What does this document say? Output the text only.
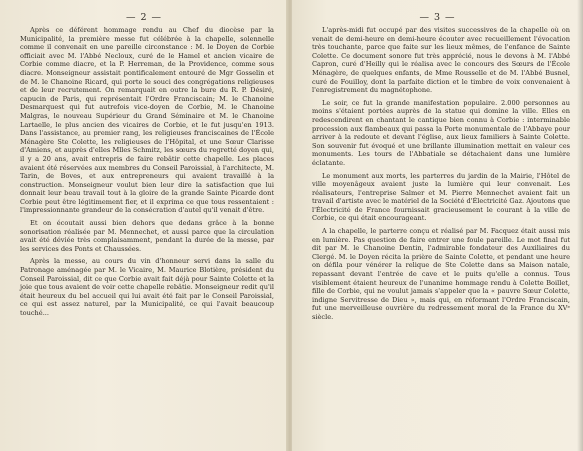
— 2 —

Après ce déférent hommage rendu au Chef du diocèse par la Municipalité, la première messe fut célébrée à la chapelle, solennelle comme il convenait en une pareille circonstance : M. le Doyen de Corbie officiait avec M. l'Abbé Necloux, curé de le Hamel et ancien vicaire de Corbie comme diacre, et la P. Herreman, de la Providence, comme sous diacre. Monseigneur assistait pontificalement entouré de Mgr Gosselin et de M. le Chanoine Ricard, qui porte le souci des congrégations religieuses et de leur recrutement. On remarquait en outre la bure du R. P. Désiré, capucin de Paris, qui représentait l'Ordre Franciscain; M. le Chanoine Desmarquest qui fut autrefois vice-doyen de Corbie, M. le Chanoine Malgras, le nouveau Supérieur du Grand Séminaire et M. le Chanoine Lartaelle, le plus ancien des vicaires de Corbie, et le fut jusqu'en 1913. Dans l'assistance, au premier rang, les religieuses franciscaines de l'École Ménagère Ste Colette, les religieuses de l'Hôpital, et une Sœur Clarisse d'Amiens, et auprès d'elles Mlles Schmitz, les sœurs du regretté doyen qui, il y a 20 ans, avait entrepris de faire rebâtir cette chapelle. Les places avaient été réservées aux membres du Conseil Paroissial, à l'architecte, M. Tarin, de Boves, et aux entrepreneurs qui avaient travaillé à la construction. Monseigneur voulut bien leur dire la satisfaction que lui donnait leur beau travail tout à la gloire de la grande Sainte Picarde dont Corbie peut être légitimement fier, et il exprima ce que tous ressentaient : l'impressionnante grandeur de la consécration d'autel qu'il venait d'être.

Et on écoutait aussi bien dehors que dedans grâce à la bonne sonorisation réalisée par M. Mennechet, et aussi parce que la circulation avait été déviée très complaisamment, pendant la durée de la messe, par les services des Ponts et Chaussées.

Après la messe, au cours du vin d'honneur servi dans la salle du Patronage aménagée par M. le Vicaire, M. Maurice Blotière, président du Conseil Paroissial, dit ce que Corbie avait fait déjà pour Sainte Colette et la joie que tous avaient de voir cette chapelle rebâtie. Monseigneur redit qu'il était heureux du bel accueil qui lui avait été fait par le Conseil Paroissial, ce qui est assez naturel, par la Municipalité, ce qui l'avait beaucoup touché...

— 3 —

L'après-midi fut occupé par des visites successives de la chapelle où on venait de demi-heure en demi-heure écouter avec recueillement l'évocation très touchante, parce que faite sur les lieux mêmes, de l'enfance de Sainte Colette. Ce document sonore fut très apprécié, nous le devons à M. l'Abbé Capron, curé d'Heilly qui le réalisa avec le concours des Sœurs de l'École Ménagère, de quelques enfants, de Mme Rousselle et de M. l'Abbé Busnel, curé de Fouilloy, dont la parfaite diction et le timbre de voix convenaient à l'enregistrement du magnétophone.

Le soir, ce fut la grande manifestation populaire. 2.000 personnes au moins s'étaient portées auprès de la statue qui domine la ville. Elles en redescendirent en chantant le cantique bien connu à Corbie : interminable procession aux flambeaux qui passa la Porte monumentale de l'Abbaye pour arriver à la redoute et devant l'église, aux lieux familiers à Sainte Colette. Son souvenir fut évoqué et une brillante illumination mettait en valeur ces monuments. Les tours de l'Abbatiale se détachaient dans une lumière éclatante.

Le monument aux morts, les parterres du jardin de la Mairie, l'Hôtel de ville moyenâgeux avaient juste la lumière qui leur convenait. Les réalisateurs, l'entreprise Salmer et M. Pierre Mennechet avaient fait un travail d'artiste avec le matériel de la Société d'Électricité Gaz. Ajoutons que l'Électricité de France fournissait gracieusement le courant à la ville de Corbie, ce qui était encourageant.

A la chapelle, le parterre conçu et réalisé par M. Facquez était aussi mis en lumière. Pas question de faire entrer une foule pareille. Le mot final fut dit par M. le Chanoine Dentin, l'admirable fondateur des Auxiliaires du Clergé. M. le Doyen récita la prière de Sainte Colette, et pendant une heure on défila pour vénérer la relique de Ste Colette dans sa Maison natale, repassant devant l'entrée de cave et le puits qu'elle a connus. Tous visiblement étaient heureux de l'unanime hommage rendu à Colette Boillet, fille de Corbie, qui ne voulut jamais s'appeler que la « pauvre Sœur Colette, indigne Servitresse de Dieu », mais qui, en réformant l'Ordre Franciscain, fut une merveilleuse ouvrière du redressement moral de la France du XVᵉ siècle.
